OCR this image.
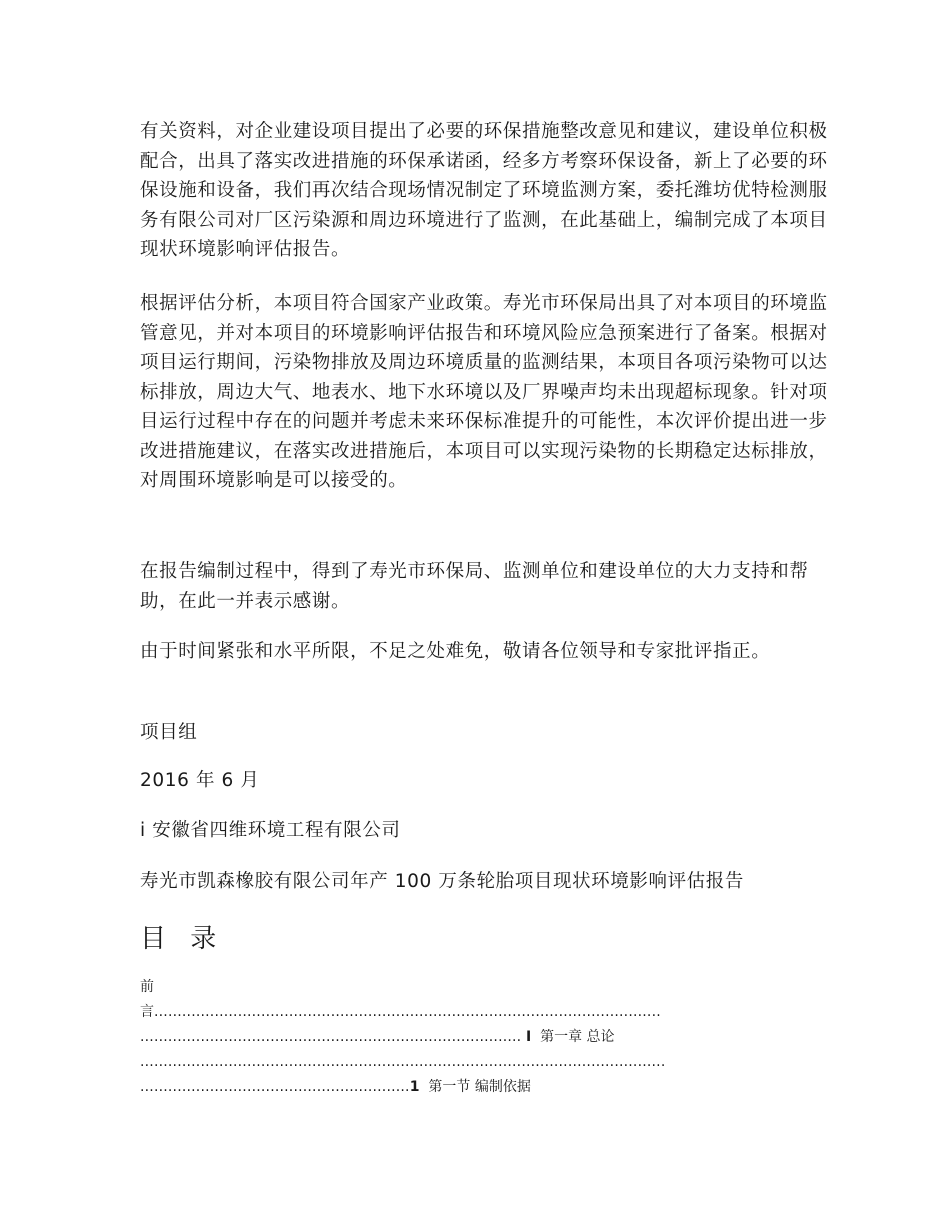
有关资料，对企业建设项目提出了必要的环保措施整改意见和建议，建设单位积极配合，出具了落实改进措施的环保承诺函，经多方考察环保设备，新上了必要的环保设施和设备，我们再次结合现场情况制定了环境监测方案，委托潍坊优特检测服务有限公司对厂区污染源和周边环境进行了监测，在此基础上，编制完成了本项目现状环境影响评估报告。

根据评估分析，本项目符合国家产业政策。寿光市环保局出具了对本项目的环境监管意见，并对本项目的环境影响评估报告和环境风险应急预案进行了备案。根据对项目运行期间，污染物排放及周边环境质量的监测结果，本项目各项污染物可以达标排放，周边大气、地表水、地下水环境以及厂界噪声均未出现超标现象。针对项目运行过程中存在的问题并考虑未来环保标准提升的可能性，本次评价提出进一步改进措施建议，在落实改进措施后，本项目可以实现污染物的长期稳定达标排放，对周围环境影响是可以接受的。

在报告编制过程中，得到了寿光市环保局、监测单位和建设单位的大力支持和帮助，在此一并表示感谢。

由于时间紧张和水平所限，不足之处难免，敬请各位领导和专家批评指正。

项目组

2016 年 6 月

i 安徽省四维环境工程有限公司

寿光市凯森橡胶有限公司年产 100 万条轮胎项目现状环境影响评估报告

目 录
前
言.............................................................................................................
.................................................................................. I 第一章 总论
.................................................................................................................
..........................................................1 第一节 编制依据
